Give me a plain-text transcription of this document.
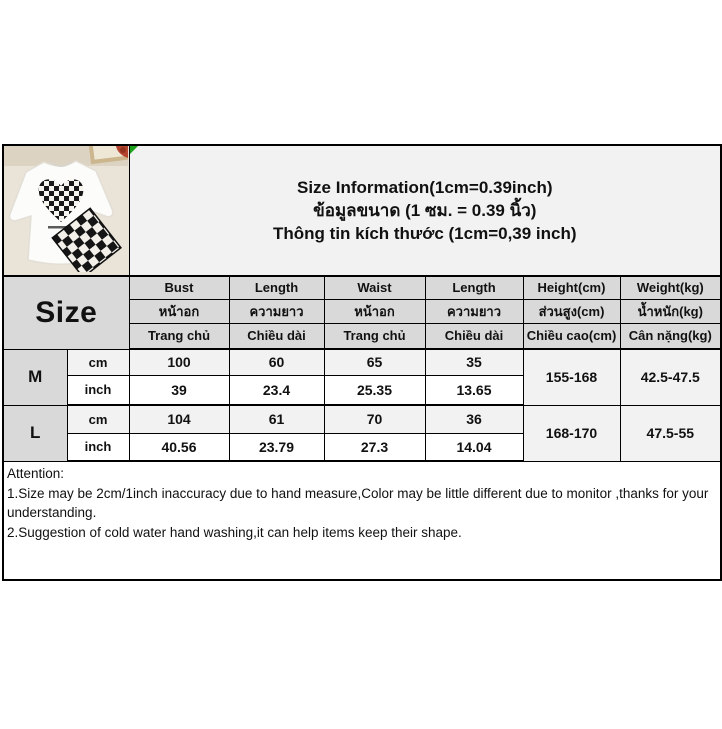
Size Information(1cm=0.39inch)
ข้อมูลขนาด (1 ซม. = 0.39 นิ้ว)
Thông tin kích thước (1cm=0,39 inch)					

Size		Bust	Length	Waist	Length	Height(cm)	Weight(kg)
		หน้าอก	ความยาว	หน้าอก	ความยาว	ส่วนสูง(cm)	น้ำหนัก(kg)
		Trang chủ	Chiều dài	Trang chủ	Chiều dài	Chiều cao(cm)	Cân nặng(kg)
M	cm	100	60	65	35	155-168	42.5-47.5
	inch	39	23.4	25.35	13.65		
L	cm	104	61	70	36	168-170	47.5-55
	inch	40.56	23.79	27.3	14.04		

Attention:

1.Size may be 2cm/1inch inaccuracy due to hand measure,Color may be little different due to monitor ,thanks for your understanding.

2.Suggestion of cold water hand washing,it can help items keep their shape.							
